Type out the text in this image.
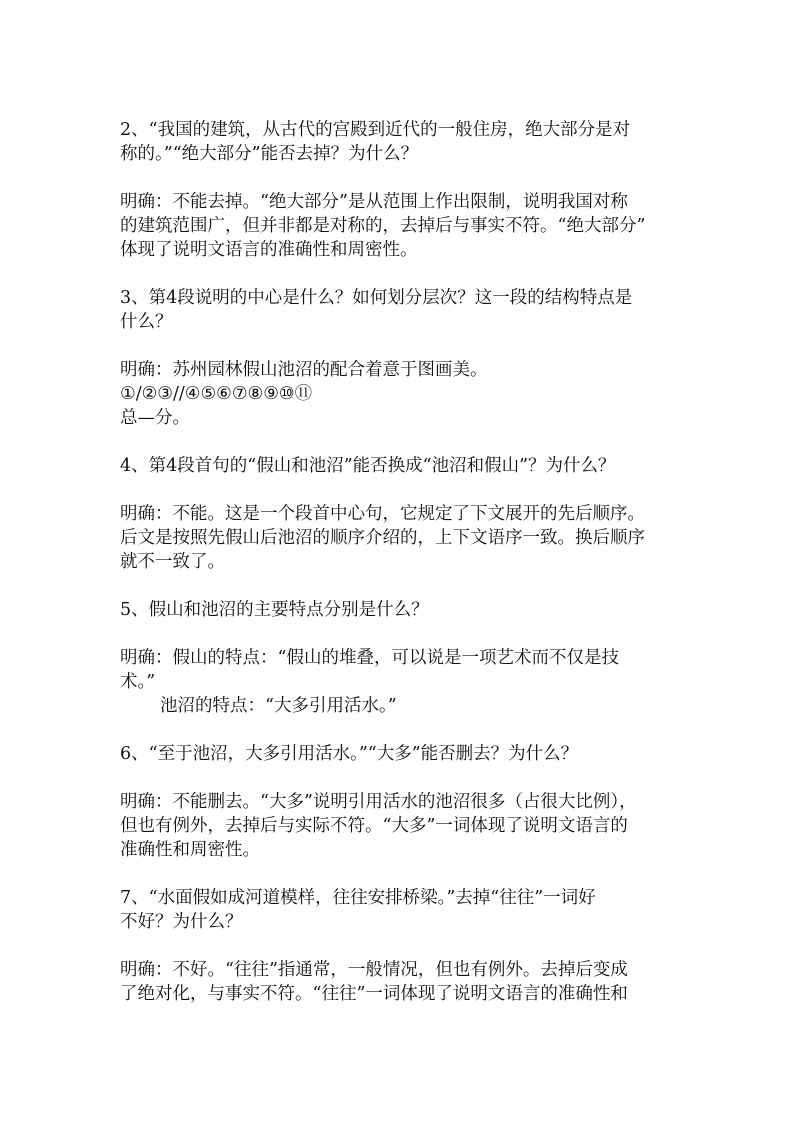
2、“我国的建筑，从古代的宫殿到近代的一般住房，绝大部分是对
称的。”“绝大部分”能否去掉？为什么？

明确：不能去掉。“绝大部分”是从范围上作出限制，说明我国对称
的建筑范围广，但并非都是对称的，去掉后与事实不符。“绝大部分”
体现了说明文语言的准确性和周密性。

3、第4段说明的中心是什么？如何划分层次？这一段的结构特点是
什么？

明确：苏州园林假山池沼的配合着意于图画美。
①/②③//④⑤⑥⑦⑧⑨⑩⑪
总—分。

4、第4段首句的“假山和池沼”能否换成“池沼和假山”？为什么？

明确：不能。这是一个段首中心句，它规定了下文展开的先后顺序。
后文是按照先假山后池沼的顺序介绍的，上下文语序一致。换后顺序
就不一致了。

5、假山和池沼的主要特点分别是什么？

明确：假山的特点：“假山的堆叠，可以说是一项艺术而不仅是技
术。”
池沼的特点：“大多引用活水。”

6、“至于池沼，大多引用活水。”“大多”能否删去？为什么？

明确：不能删去。“大多”说明引用活水的池沼很多（占很大比例），
但也有例外，去掉后与实际不符。“大多”一词体现了说明文语言的
准确性和周密性。

7、“水面假如成河道模样，往往安排桥梁。”去掉“往往”一词好
不好？为什么？

明确：不好。“往往”指通常，一般情况，但也有例外。去掉后变成
了绝对化，与事实不符。“往往”一词体现了说明文语言的准确性和
